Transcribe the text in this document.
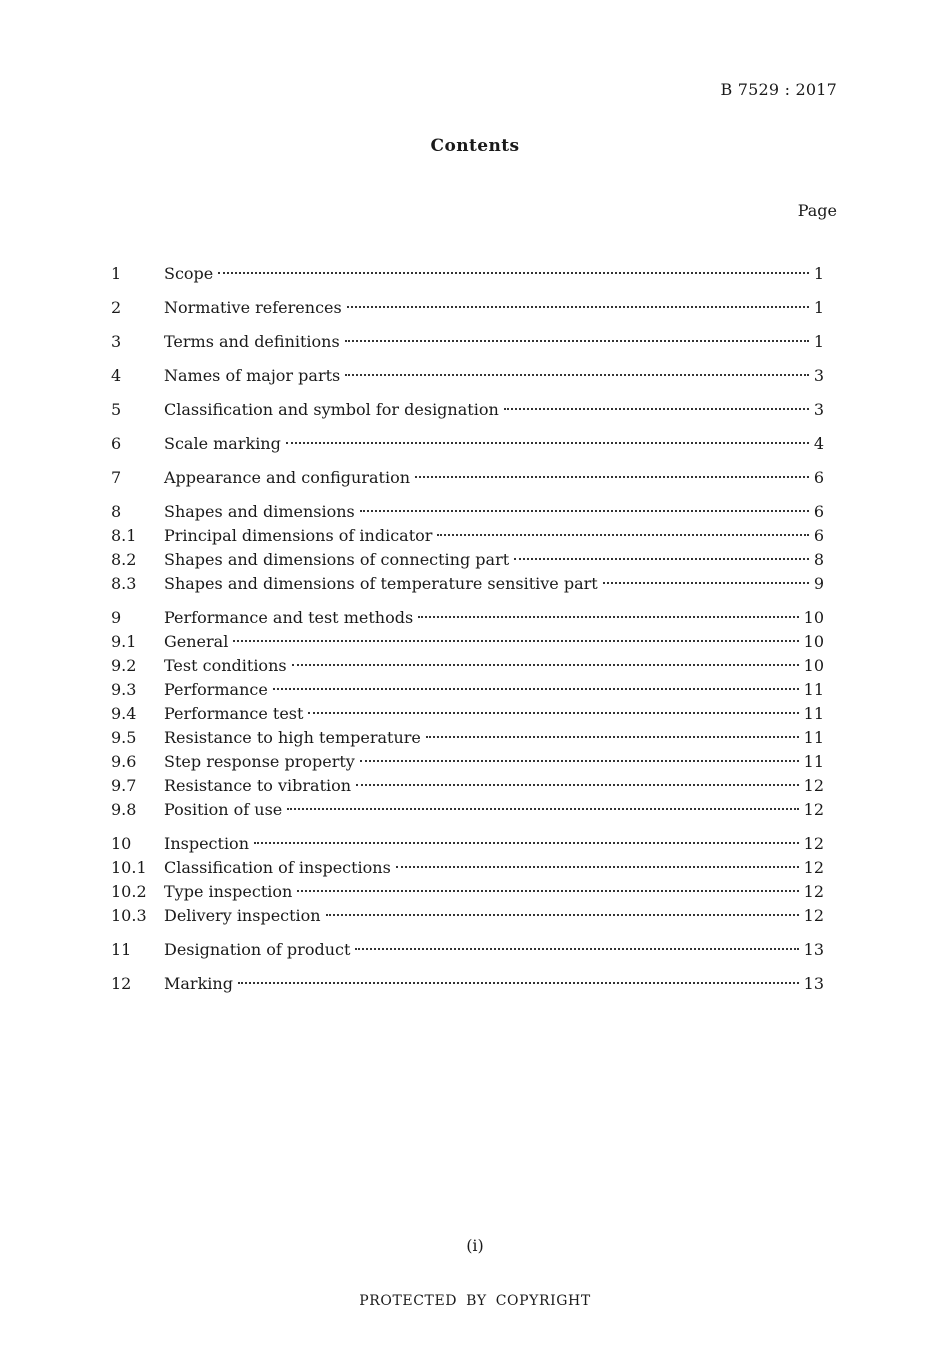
B 7529 : 2017
Contents
Page
1	Scope	1
2	Normative references	1
3	Terms and definitions	1
4	Names of major parts	3
5	Classification and symbol for designation	3
6	Scale marking	4
7	Appearance and configuration	6
8	Shapes and dimensions	6
8.1	Principal dimensions of indicator	6
8.2	Shapes and dimensions of connecting part	8
8.3	Shapes and dimensions of temperature sensitive part	9
9	Performance and test methods	10
9.1	General	10
9.2	Test conditions	10
9.3	Performance	11
9.4	Performance test	11
9.5	Resistance to high temperature	11
9.6	Step response property	11
9.7	Resistance to vibration	12
9.8	Position of use	12
10	Inspection	12
10.1	Classification of inspections	12
10.2	Type inspection	12
10.3	Delivery inspection	12
11	Designation of product	13
12	Marking	13
(i)
PROTECTED BY COPYRIGHT
